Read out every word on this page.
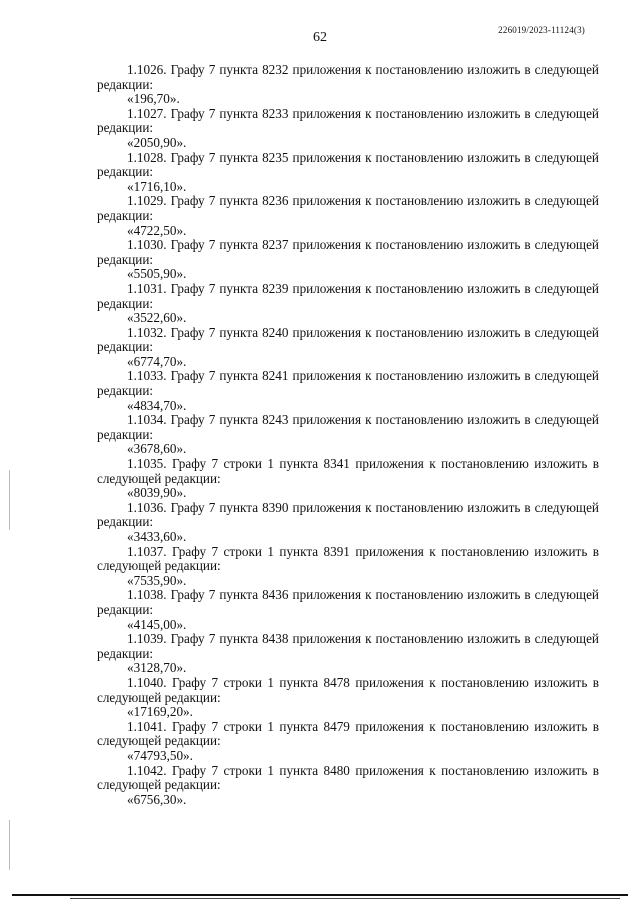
62	226019/2023-11124(3)

1.1026. Графу 7 пункта 8232 приложения к постановлению изложить в следующей редакции:

«196,70».

1.1027. Графу 7 пункта 8233 приложения к постановлению изложить в следующей редакции:

«2050,90».

1.1028. Графу 7 пункта 8235 приложения к постановлению изложить в следующей редакции:

«1716,10».

1.1029. Графу 7 пункта 8236 приложения к постановлению изложить в следующей редакции:

«4722,50».

1.1030. Графу 7 пункта 8237 приложения к постановлению изложить в следующей редакции:

«5505,90».

1.1031. Графу 7 пункта 8239 приложения к постановлению изложить в следующей редакции:

«3522,60».

1.1032. Графу 7 пункта 8240 приложения к постановлению изложить в следующей редакции:

«6774,70».

1.1033. Графу 7 пункта 8241 приложения к постановлению изложить в следующей редакции:

«4834,70».

1.1034. Графу 7 пункта 8243 приложения к постановлению изложить в следующей редакции:

«3678,60».

1.1035. Графу 7 строки 1 пункта 8341 приложения к постановлению изложить в следующей редакции:

«8039,90».

1.1036. Графу 7 пункта 8390 приложения к постановлению изложить в следующей редакции:

«3433,60».

1.1037. Графу 7 строки 1 пункта 8391 приложения к постановлению изложить в следующей редакции:

«7535,90».

1.1038. Графу 7 пункта 8436 приложения к постановлению изложить в следующей редакции:

«4145,00».

1.1039. Графу 7 пункта 8438 приложения к постановлению изложить в следующей редакции:

«3128,70».

1.1040. Графу 7 строки 1 пункта 8478 приложения к постановлению изложить в следующей редакции:

«17169,20».

1.1041. Графу 7 строки 1 пункта 8479 приложения к постановлению изложить в следующей редакции:

«74793,50».

1.1042. Графу 7 строки 1 пункта 8480 приложения к постановлению изложить в следующей редакции:

«6756,30».
